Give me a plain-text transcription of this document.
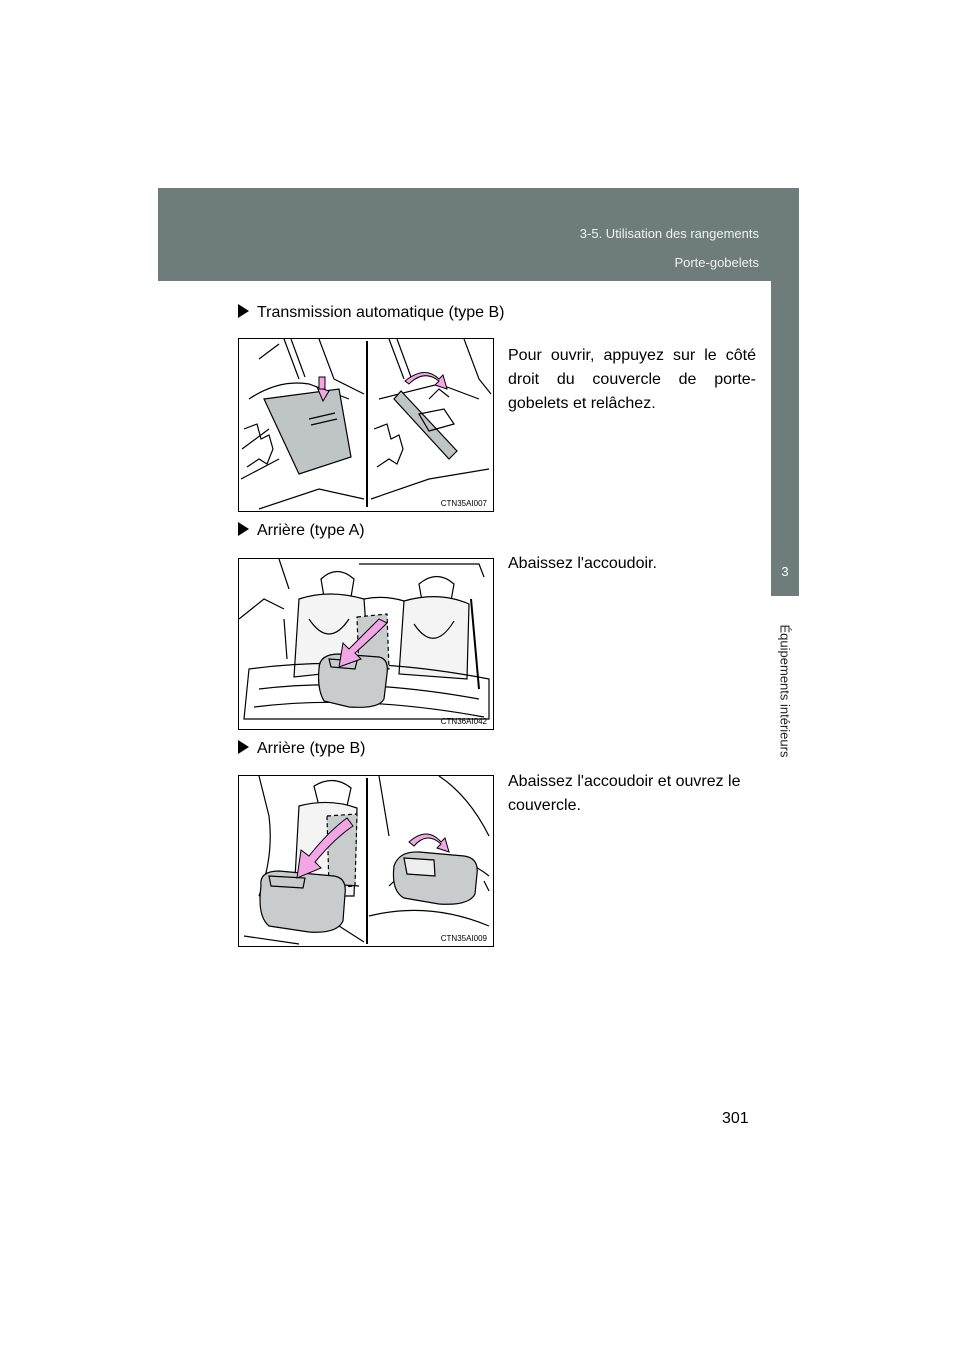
3-5. Utilisation des rangements
Porte-gobelets
3
Équipements intérieurs
Transmission automatique (type B)
Pour ouvrir, appuyez sur le côté droit du couvercle de porte-gobelets et relâchez.
CTN35AI007
Arrière (type A)
Abaissez l'accoudoir.
CTN36AI042
Arrière (type B)
Abaissez l'accoudoir et ouvrez le couvercle.
CTN35AI009
301
